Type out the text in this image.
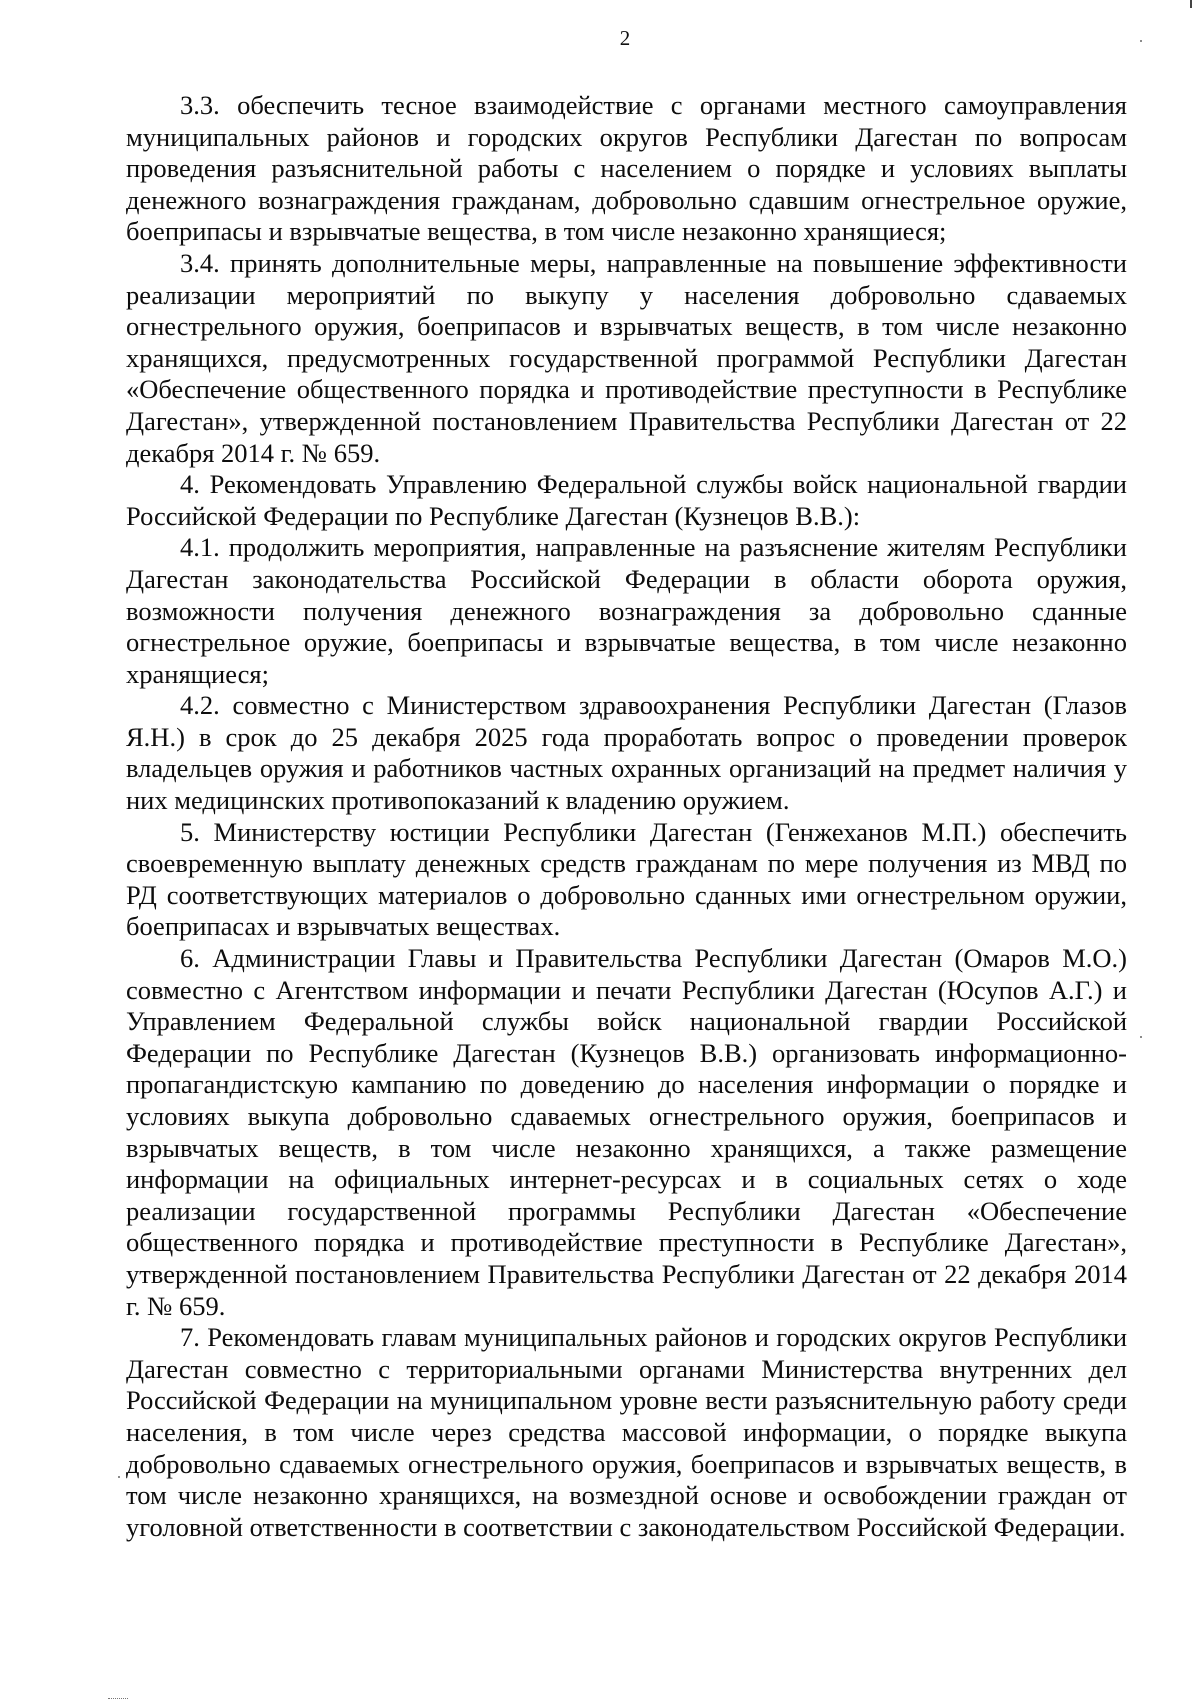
2

3.3. обеспечить тесное взаимодействие с органами местного самоуправления муниципальных районов и городских округов Республики Дагестан по вопросам проведения разъяснительной работы с населением о порядке и условиях выплаты денежного вознаграждения гражданам, добровольно сдавшим огнестрельное оружие, боеприпасы и взрывчатые вещества, в том числе незаконно хранящиеся;

3.4. принять дополнительные меры, направленные на повышение эффективности реализации мероприятий по выкупу у населения добровольно сдаваемых огнестрельного оружия, боеприпасов и взрывчатых веществ, в том числе незаконно хранящихся, предусмотренных государственной программой Республики Дагестан «Обеспечение общественного порядка и противодействие преступности в Республике Дагестан», утвержденной постановлением Правительства Республики Дагестан от 22 декабря 2014 г. № 659.

4. Рекомендовать Управлению Федеральной службы войск национальной гвардии Российской Федерации по Республике Дагестан (Кузнецов В.В.):

4.1. продолжить мероприятия, направленные на разъяснение жителям Республики Дагестан законодательства Российской Федерации в области оборота оружия, возможности получения денежного вознаграждения за добровольно сданные огнестрельное оружие, боеприпасы и взрывчатые вещества, в том числе незаконно хранящиеся;

4.2. совместно с Министерством здравоохранения Республики Дагестан (Глазов Я.Н.) в срок до 25 декабря 2025 года проработать вопрос о проведении проверок владельцев оружия и работников частных охранных организаций на предмет наличия у них медицинских противопоказаний к владению оружием.

5. Министерству юстиции Республики Дагестан (Генжеханов М.П.) обеспечить своевременную выплату денежных средств гражданам по мере получения из МВД по РД соответствующих материалов о добровольно сданных ими огнестрельном оружии, боеприпасах и взрывчатых веществах.

6. Администрации Главы и Правительства Республики Дагестан (Омаров М.О.) совместно с Агентством информации и печати Республики Дагестан (Юсупов А.Г.) и Управлением Федеральной службы войск национальной гвардии Российской Федерации по Республике Дагестан (Кузнецов В.В.) организовать информационно-пропагандистскую кампанию по доведению до населения информации о порядке и условиях выкупа добровольно сдаваемых огнестрельного оружия, боеприпасов и взрывчатых веществ, в том числе незаконно хранящихся, а также размещение информации на официальных интернет-ресурсах и в социальных сетях о ходе реализации государственной программы Республики Дагестан «Обеспечение общественного порядка и противодействие преступности в Республике Дагестан», утвержденной постановлением Правительства Республики Дагестан от 22 декабря 2014 г. № 659.

7. Рекомендовать главам муниципальных районов и городских округов Республики Дагестан совместно с территориальными органами Министерства внутренних дел Российской Федерации на муниципальном уровне вести разъяснительную работу среди населения, в том числе через средства массовой информации, о порядке выкупа добровольно сдаваемых огнестрельного оружия, боеприпасов и взрывчатых веществ, в том числе незаконно хранящихся, на возмездной основе и освобождении граждан от уголовной ответственности в соответствии с законодательством Российской Федерации.
